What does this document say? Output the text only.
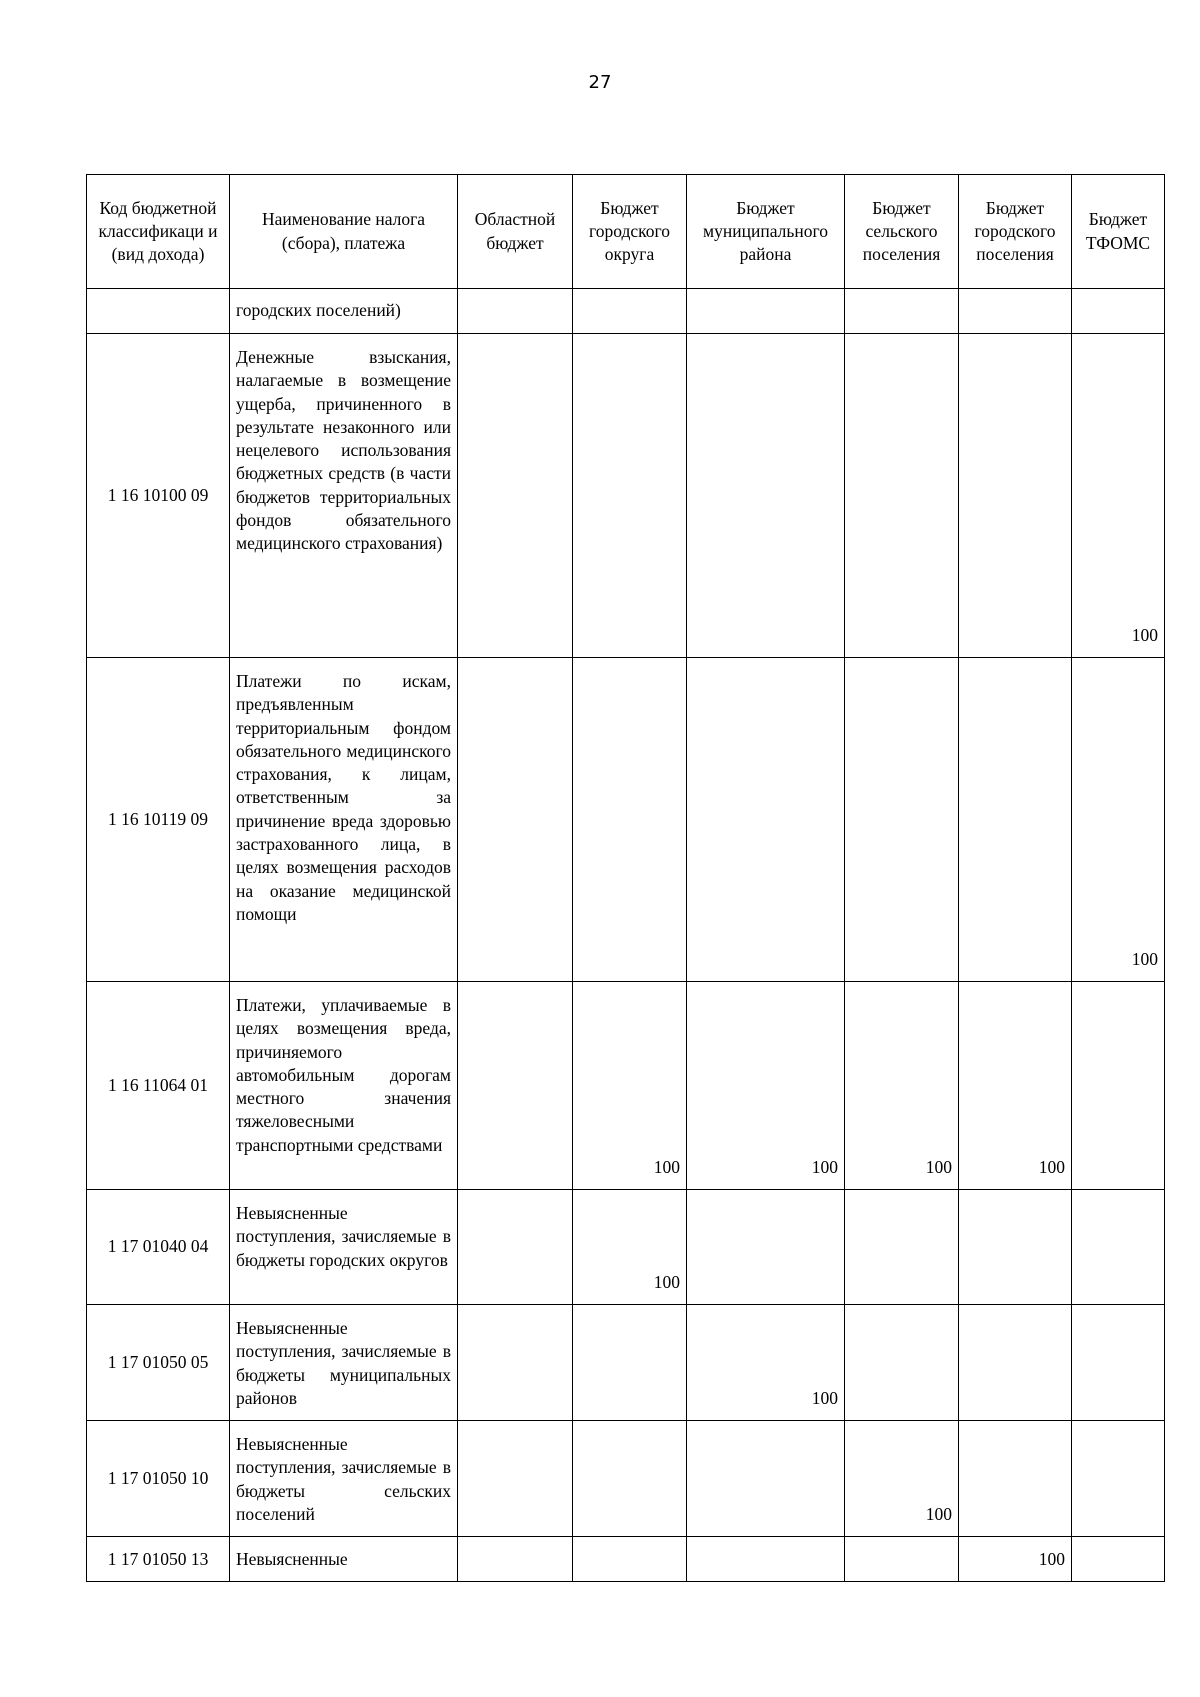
27
Код бюджетной классификаци и (вид дохода)	Наименование налога (сбора), платежа	Областной бюджет	Бюджет городского округа	Бюджет муниципального района	Бюджет сельского поселения	Бюджет городского поселения	Бюджет ТФОМС
	городских поселений)						
1 16 10100 09	Денежные взыскания, налагаемые в возмещение ущерба, причиненного в результате незаконного или нецелевого использования бюджетных средств (в части бюджетов территориальных фондов обязательного медицинского страхования)						100
1 16 10119 09	Платежи по искам, предъявленным территориальным фондом обязательного медицинского страхования, к лицам, ответственным за причинение вреда здоровью застрахованного лица, в целях возмещения расходов на оказание медицинской помощи						100
1 16 11064 01	Платежи, уплачиваемые в целях возмещения вреда, причиняемого автомобильным дорогам местного значения тяжеловесными транспортными средствами		100	100	100	100	
1 17 01040 04	Невыясненные поступления, зачисляемые в бюджеты городских округов		100				
1 17 01050 05	Невыясненные поступления, зачисляемые в бюджеты муниципальных районов			100			
1 17 01050 10	Невыясненные поступления, зачисляемые в бюджеты сельских поселений				100		
1 17 01050 13	Невыясненные					100	
